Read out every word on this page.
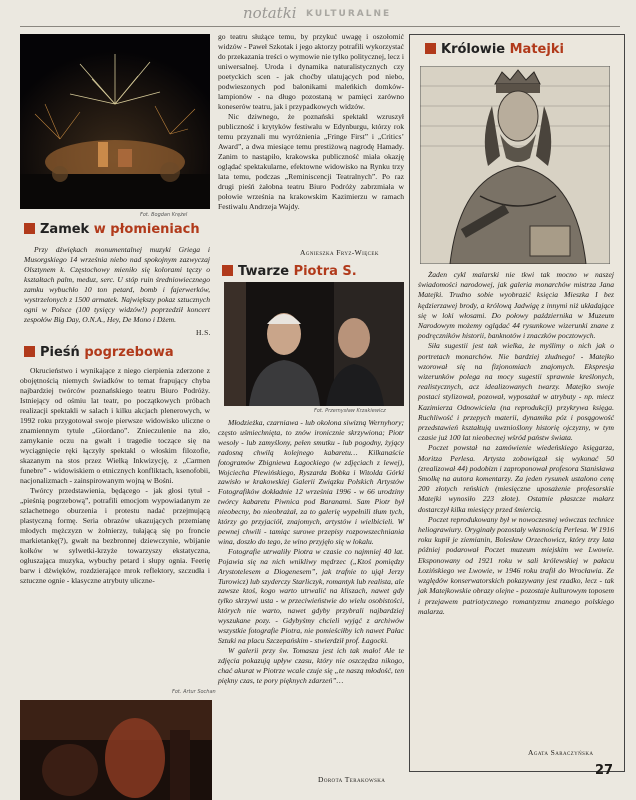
notatki KULTURALNE
Fot. Bogdan Krężel
Zamek w płomieniach

Przy dźwiękach monumentalnej muzyki Griega i Musorgskiego 14 września niebo nad spokojnym zazwyczaj Olsztynem k. Częstochowy mieniło się kolorami tęczy o kształtach palm, meduz, serc. U stóp ruin średniowiecznego zamku wybuchło 10 ton petard, bomb i fajerwerków, wystrzelonych z 1500 armatek. Największy pokaz sztucznych ogni w Polsce (100 tysięcy widzów!) poprzedził koncert zespołów Big Day, O.N.A., Hey, De Mono i Dżem.

H.S.
Pieśń pogrzebowa

Okrucieństwo i wynikające z niego cierpienia zderzone z obojętnością niemych świadków to temat frapujący chyba najbardziej twórców poznańskiego teatru Biuro Podróży. Istniejący od ośmiu lat teatr, po początkowych próbach realizacji spektakli w salach i kilku akcjach plenerowych, w 1992 roku przygotował swoje pierwsze widowisko uliczne o znamiennym tytule „Giordano”. Znieczulenie na zło, zamykanie oczu na gwałt i tragedie toczące się na wyciągnięcie ręki łączyły spektakl o włoskim filozofie, skazanym na stos przez Wielką Inkwizycję, z „Carmen funebre” - widowiskiem o etnicznych konfliktach, ksenofobii, nacjonalizmach - zainspirowanym wojną w Bośni.

Twórcy przedstawienia, będącego - jak głosi tytuł - „pieśnią pogrzebową”, potrafili emocjom wypowiadanym ze szlachetnego oburzenia i protestu nadać przejmującą plastyczną formę. Seria obrazów ukazujących przemianę młodych mężczyzn w żołnierzy, tułającą się po froncie markietankę(?), gwałt na bezbronnej dziewczynie, wbijanie kołków w sylwetki-krzyże towarzyszy ekstatyczna, ogłuszająca muzyka, wybuchy petard i słupy ognia. Feerię barw i dźwięków, rozdzierające mrok reflektory, szczudła i sztuczne ognie - klasyczne atrybuty uliczne-

Fot. Artur Sochan

go teatru służące temu, by przykuć uwagę i oszołomić widzów - Paweł Szkotak i jego aktorzy potrafili wykorzystać do przekazania treści o wymowie nie tylko politycznej, lecz i uniwersalnej. Uroda i dynamika naturalistycznych czy poetyckich scen - jak choćby ulatujących pod niebo, podwieszonych pod balonikami maleńkich domków-lampionów - na długo pozostaną w pamięci zarówno koneserów teatru, jak i przypadkowych widzów.

Nic dziwnego, że poznański spektakl wzruszył publiczność i krytyków festiwalu w Edynburgu, którzy rok temu przyznali mu wyróżnienia „Fringe First” i „Critics’ Award”, a dwa miesiące temu prestiżową nagrodę Hamady. Zanim to nastąpiło, krakowska publiczność miała okazję oglądać spektakularne, efektowne widowisko na Rynku trzy lata temu, podczas „Reminiscencji Teatralnych”. Po raz drugi pieśń żałobna teatru Biuro Podróży zabrzmiała w połowie września na krakowskim Kazimierzu w ramach Festiwalu Andrzeja Wajdy.

Agnieszka Fryz-Więcek
Twarze Piotra S.
Fot. Przemysław Krzakiewicz

Młodzieżka, czarniawa - lub okolona siwizną Wernyhory; często uśmiechnięta, to znów ironicznie skrzywiona; Piotr wesoły - lub zamyślony, pełen smutku - lub pogodny, żyjący radosną chwilą kolejnego kabaretu… Kilkanaście fotogramów Zbigniewa Łagockiego (w zdjęciach z lewej), Wojciecha Plewińskiego, Ryszarda Bobka i Witolda Górki zawisło w krakowskiej Galerii Związku Polskich Artystów Fotografików dokładnie 12 września 1996 - w 66 urodziny twórcy kabaretu Piwnica pod Baranami. Sam Piotr był nieobecny, bo nieobrażał, za to galerię wypełnili tłum tych, którzy go przyjaciół, znajomych, artystów i wielbicieli. W pewnej chwili - tamiąc surowe przepisy rozpowszechniania wina, doszło do tego, że wino przyjęło się w lokalu.

Fotografie utrwaliły Piotra w czasie co najmniej 40 lat. Pojawia się na nich wnikliwy mędrzec („Ktoś pomiędzy Arystotelesem a Diogenesem”, jak trafnie to ujął Jerzy Turowicz) lub szyderczy Starliczyk, romantyk lub realista, ale zawsze ktoś, kogo warto utrwalić na kliszach, nawet gdy tylko skrzywi usta - w przeciwieństwie do wielu osobistości, których nie warto, nawet gdyby przybrali najbardziej wyszukane pozy. - Gdybyśmy chcieli wyjąć z archiwów wszystkie fotografie Piotra, nie pomieściłby ich nawet Pałac Sztuki na placu Szczepańskim - stwierdził prof. Łagocki.

W galerii przy św. Tomasza jest ich tak mało! Ale te zdjęcia pokazują upływ czasu, który nie oszczędza nikogo, chać akurat w Piotrze wcale czuje się „te naszą młodość, ten piękny czas, te pory pięknych zdarzeń”…

Dorota Terakowska
Królowie Matejki

Żaden cykl malarski nie tkwi tak mocno w naszej świadomości narodowej, jak galeria monarchów mistrza Jana Matejki. Trudno sobie wyobrazić księcia Mieszka I bez kędzierzawej brody, a królową Jadwigę z innymi niż układające się w loki włosami. Do połowy października w Muzeum Narodowym możemy oglądać 44 rysunkowe wizerunki znane z podręczników historii, banknotów i znaczków pocztowych.

Siła sugestii jest tak wielka, że myślimy o nich jak o portretach monarchów. Nie bardziej złudnego! - Matejko wzorował się na fizjonomiach znajomych. Ekspresja wizerunków polega na mocy sugestii sprawnie kreślonych, realistycznych, acz idealizowanych twarzy. Matejko swoje postaci stylizował, pozował, wyposażał w atrybuty - np. miecz Kazimierza Odnowiciela (na reprodukcji) przykrywa księga. Ruchliwość i przepych materii, dynamika póz i posągowość przedstawień kształtują uwznioślony historię ojczyzny, w tym czasie już 100 lat nieobecnej wśród państw świata.

Poczet powstał na zamówienie wiedeńskiego księgarza, Moritza Perlesa. Artysta zobowiązał się wykonać 50 (zrealizował 44) podobizn i zaproponował profesora Stanisława Smolkę na autora komentarzy. Za jeden rysunek ustalono cenę 200 złotych reńskich (miesięczne uposażenie profesorskie Matejki wynosiło 223 złote). Ostatnie płaszcze małarz dostarczył kilka miesięcy przed śmiercią.

Poczet reprodukowany był w nowoczesnej wówczas technice heliograwiury. Oryginały pozostały własnością Perlesa. W 1916 roku kupił je ziemianin, Bolesław Orzechowicz, który trzy lata później podarował Poczet muzeum miejskim we Lwowie. Eksponowany od 1921 roku w sali królewskiej w pałacu Łozińskiego we Lwowie, w 1946 roku trafił do Wrocławia. Ze względów konserwatorskich pokazywany jest rzadko, lecz - tak jak Matejkowskie obrazy olejne - pozostaje kulturowym toposem i przejawem patriotycznego romantyzmu znanego polskiego malarza.

Agata Saraczyńska
27
